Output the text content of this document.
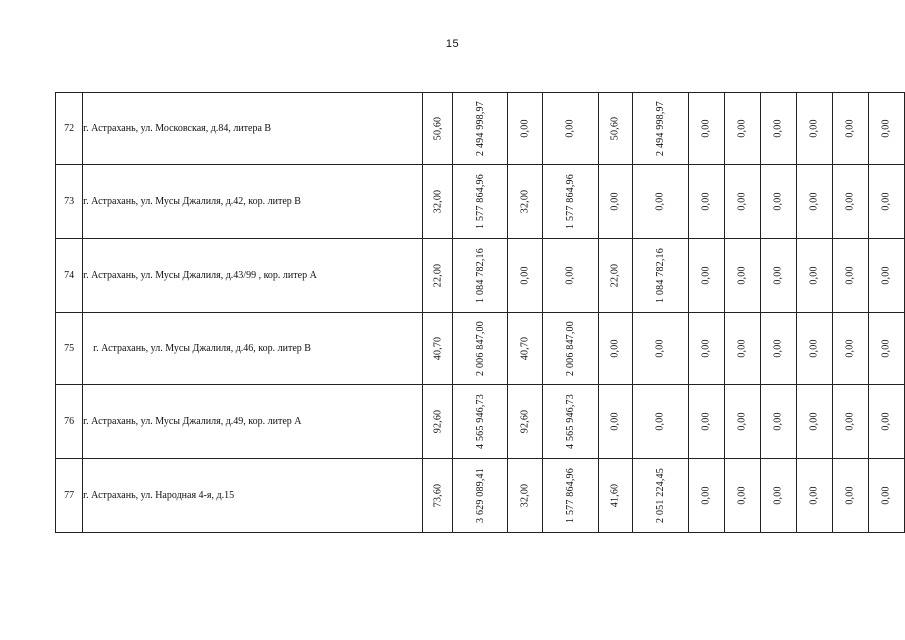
15
72	г. Астрахань, ул. Московская, д.84, литера В	50,60	2 494 998,97	0,00	0,00	50,60	2 494 998,97	0,00	0,00	0,00	0,00	0,00	0,00
73	г. Астрахань, ул. Мусы Джалиля, д.42, кор. литер В	32,00	1 577 864,96	32,00	1 577 864,96	0,00	0,00	0,00	0,00	0,00	0,00	0,00	0,00
74	г. Астрахань, ул. Мусы Джалиля, д.43/99 , кор. литер А	22,00	1 084 782,16	0,00	0,00	22,00	1 084 782,16	0,00	0,00	0,00	0,00	0,00	0,00
75	г. Астрахань, ул. Мусы Джалиля, д.46, кор. литер В	40,70	2 006 847,00	40,70	2 006 847,00	0,00	0,00	0,00	0,00	0,00	0,00	0,00	0,00
76	г. Астрахань, ул. Мусы Джалиля, д.49, кор. литер А	92,60	4 565 946,73	92,60	4 565 946,73	0,00	0,00	0,00	0,00	0,00	0,00	0,00	0,00
77	г. Астрахань, ул. Народная 4-я, д.15	73,60	3 629 089,41	32,00	1 577 864,96	41,60	2 051 224,45	0,00	0,00	0,00	0,00	0,00	0,00
